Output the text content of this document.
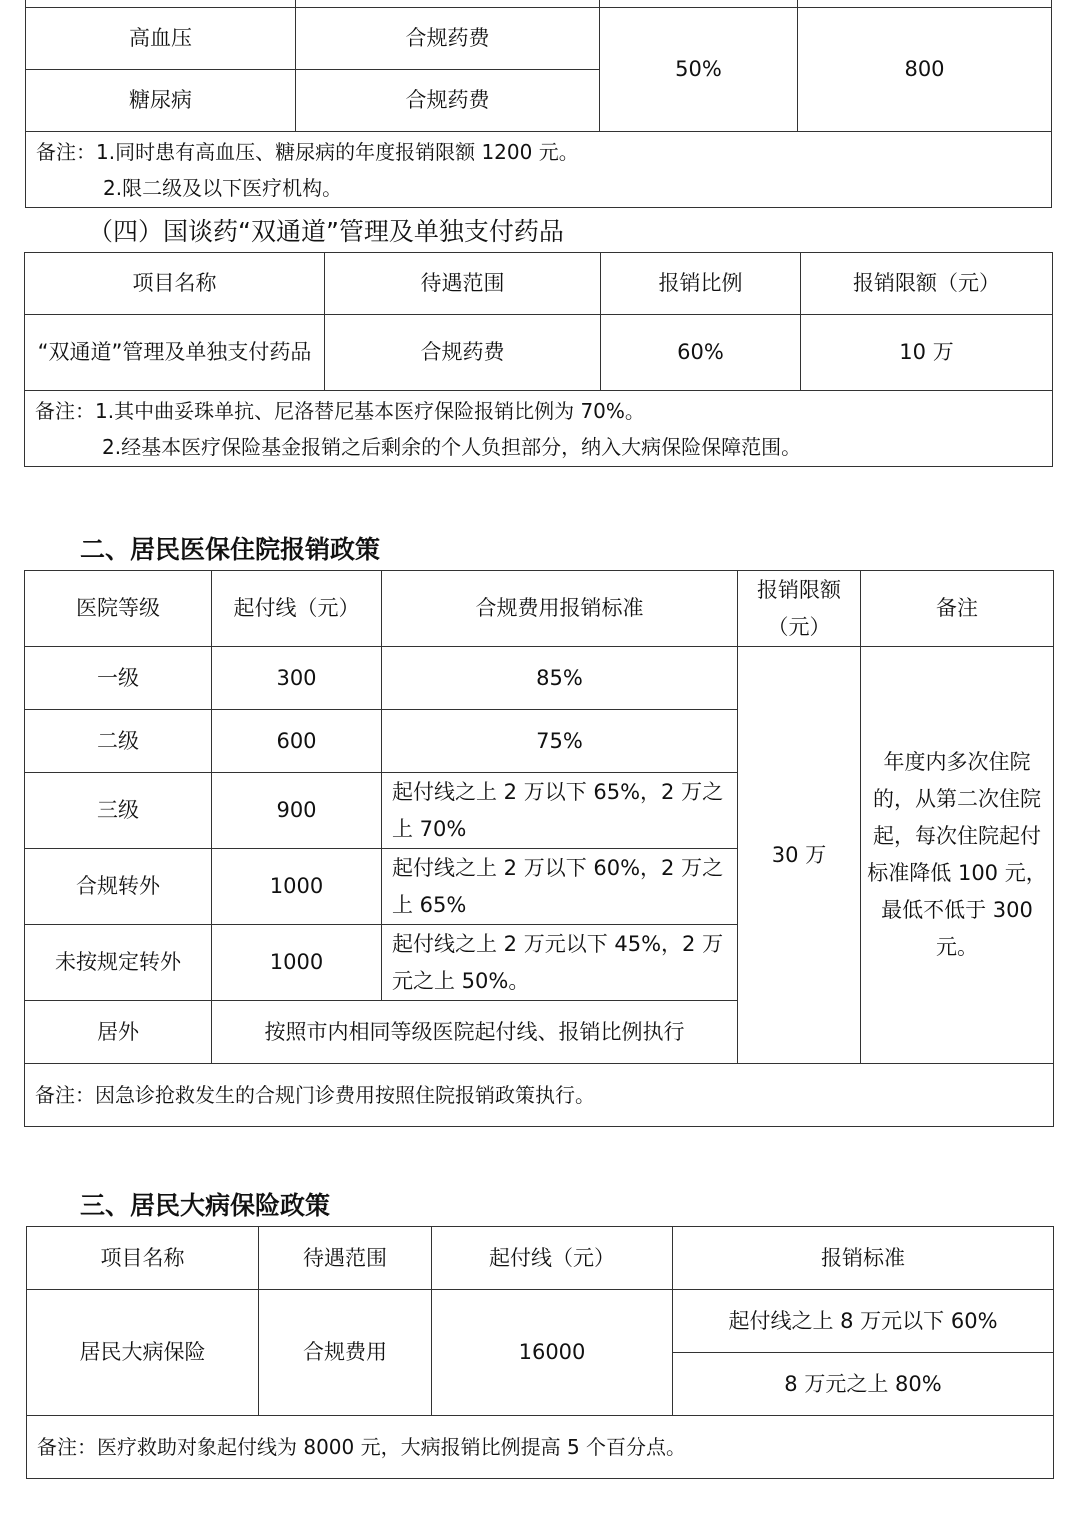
高血压	合规药费	50%	800
糖尿病	合规药费		

备注：1.同时患有高血压、糖尿病的年度报销限额 1200 元。
2.限二级及以下医疗机构。			
（四）国谈药“双通道”管理及单独支付药品
项目名称	待遇范围	报销比例	报销限额（元）
“双通道”管理及单独支付药品	合规药费	60%	10 万

备注：1.其中曲妥珠单抗、尼洛替尼基本医疗保险报销比例为 70%。
2.经基本医疗保险基金报销之后剩余的个人负担部分，纳入大病保险保障范围。			
二、居民医保住院报销政策
医院等级	起付线（元）	合规费用报销标准	报销限额（元）	备注
一级	300	85%	30 万	年度内多次住院的，从第二次住院起，每次住院起付标准降低 100 元，最低不低于 300 元。
二级	600	75%		
三级	900	起付线之上 2 万以下 65%，2 万之上 70%		
合规转外	1000	起付线之上 2 万以下 60%，2 万之上 65%		
未按规定转外	1000	起付线之上 2 万元以下 45%，2 万元之上 50%。		
居外	按照市内相同等级医院起付线、报销比例执行			
备注：因急诊抢救发生的合规门诊费用按照住院报销政策执行。				
三、居民大病保险政策
项目名称	待遇范围	起付线（元）	报销标准
居民大病保险	合规费用	16000	起付线之上 8 万元以下 60%
			8 万元之上 80%
备注：医疗救助对象起付线为 8000 元，大病报销比例提高 5 个百分点。			
